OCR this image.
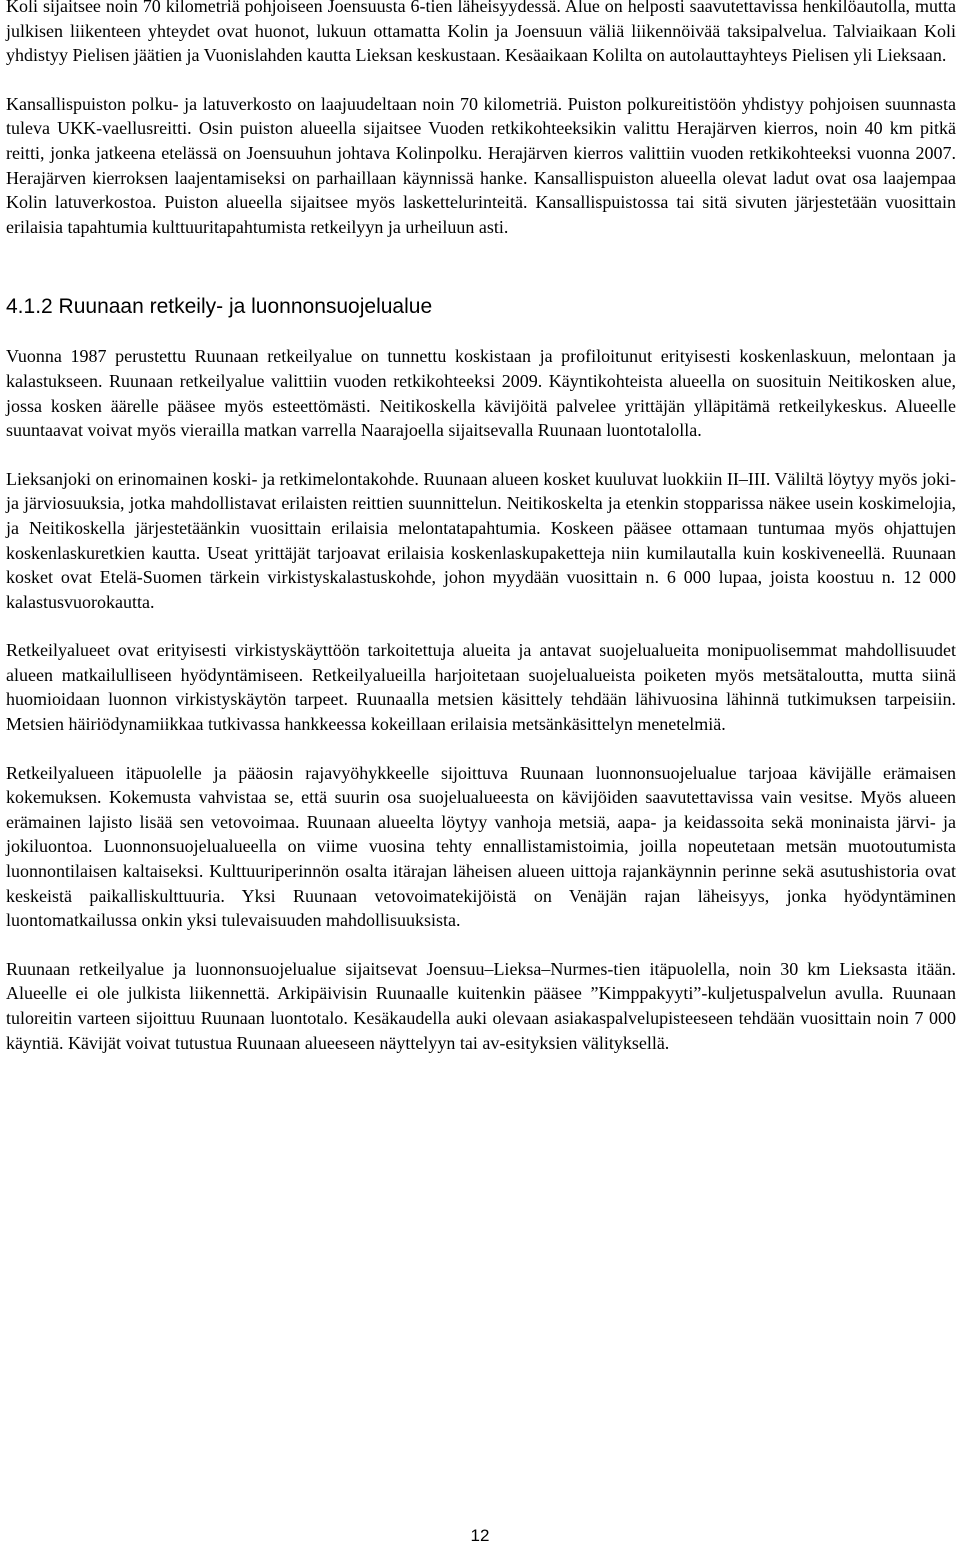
Koli sijaitsee noin 70 kilometriä pohjoiseen Joensuusta 6-tien läheisyydessä. Alue on helposti saavutettavissa henkilöautolla, mutta julkisen liikenteen yhteydet ovat huonot, lukuun ottamatta Kolin ja Joensuun väliä liikennöivää taksipalvelua. Talviaikaan Koli yhdistyy Pielisen jäätien ja Vuonislahden kautta Lieksan keskustaan. Kesäaikaan Kolilta on autolauttayhteys Pielisen yli Lieksaan.

Kansallispuiston polku- ja latuverkosto on laajuudeltaan noin 70 kilometriä. Puiston polkureitistöön yhdistyy pohjoisen suunnasta tuleva UKK-vaellusreitti. Osin puiston alueella sijaitsee Vuoden retkikohteeksikin valittu Herajärven kierros, noin 40 km pitkä reitti, jonka jatkeena etelässä on Joensuuhun johtava Kolinpolku. Herajärven kierros valittiin vuoden retkikohteeksi vuonna 2007. Herajärven kierroksen laajentamiseksi on parhaillaan käynnissä hanke. Kansallispuiston alueella olevat ladut ovat osa laajempaa Kolin latuverkostoa. Puiston alueella sijaitsee myös laskettelurinteitä. Kansallispuistossa tai sitä sivuten järjestetään vuosittain erilaisia tapahtumia kulttuuritapahtumista retkeilyyn ja urheiluun asti.

4.1.2 Ruunaan retkeily- ja luonnonsuojelualue

Vuonna 1987 perustettu Ruunaan retkeilyalue on tunnettu koskistaan ja profiloitunut erityisesti koskenlaskuun, melontaan ja kalastukseen. Ruunaan retkeilyalue valittiin vuoden retkikohteeksi 2009. Käyntikohteista alueella on suosituin Neitikosken alue, jossa kosken äärelle pääsee myös esteettömästi. Neitikoskella kävijöitä palvelee yrittäjän ylläpitämä retkeilykeskus. Alueelle suuntaavat voivat myös vierailla matkan varrella Naarajoella sijaitsevalla Ruunaan luontotalolla.

Lieksanjoki on erinomainen koski- ja retkimelontakohde. Ruunaan alueen kosket kuuluvat luokkiin II–III. Väliltä löytyy myös joki- ja järviosuuksia, jotka mahdollistavat erilaisten reittien suunnittelun. Neitikoskelta ja etenkin stopparissa näkee usein koskimelojia, ja Neitikoskella järjestetäänkin vuosittain erilaisia melontatapahtumia. Koskeen pääsee ottamaan tuntumaa myös ohjattujen koskenlaskuretkien kautta. Useat yrittäjät tarjoavat erilaisia koskenlaskupaketteja niin kumilautalla kuin koskiveneellä. Ruunaan kosket ovat Etelä-Suomen tärkein virkistyskalastuskohde, johon myydään vuosittain n. 6 000 lupaa, joista koostuu n. 12 000 kalastusvuorokautta.

Retkeilyalueet ovat erityisesti virkistyskäyttöön tarkoitettuja alueita ja antavat suojelualueita monipuolisemmat mahdollisuudet alueen matkailulliseen hyödyntämiseen. Retkeilyalueilla harjoitetaan suojelualueista poiketen myös metsätaloutta, mutta siinä huomioidaan luonnon virkistyskäytön tarpeet. Ruunaalla metsien käsittely tehdään lähivuosina lähinnä tutkimuksen tarpeisiin. Metsien häiriödynamiikkaa tutkivassa hankkeessa kokeillaan erilaisia metsänkäsittelyn menetelmiä.

Retkeilyalueen itäpuolelle ja pääosin rajavyöhykkeelle sijoittuva Ruunaan luonnonsuojelualue tarjoaa kävijälle erämaisen kokemuksen. Kokemusta vahvistaa se, että suurin osa suojelualueesta on kävijöiden saavutettavissa vain vesitse. Myös alueen erämainen lajisto lisää sen vetovoimaa. Ruunaan alueelta löytyy vanhoja metsiä, aapa- ja keidassoita sekä moninaista järvi- ja jokiluontoa. Luonnonsuojelualueella on viime vuosina tehty ennallistamistoimia, joilla nopeutetaan metsän muotoutumista luonnontilaisen kaltaiseksi. Kulttuuriperinnön osalta itärajan läheisen alueen uittoja rajankäynnin perinne sekä asutushistoria ovat keskeistä paikalliskulttuuria. Yksi Ruunaan vetovoimatekijöistä on Venäjän rajan läheisyys, jonka hyödyntäminen luontomatkailussa onkin yksi tulevaisuuden mahdollisuuksista.

Ruunaan retkeilyalue ja luonnonsuojelualue sijaitsevat Joensuu–Lieksa–Nurmes-tien itäpuolella, noin 30 km Lieksasta itään. Alueelle ei ole julkista liikennettä. Arkipäivisin Ruunaalle kuitenkin pääsee ”Kimppakyyti”-kuljetuspalvelun avulla. Ruunaan tuloreitin varteen sijoittuu Ruunaan luontotalo. Kesäkaudella auki olevaan asiakaspalvelupisteeseen tehdään vuosittain noin 7 000 käyntiä. Kävijät voivat tutustua Ruunaan alueeseen näyttelyyn tai av-esityksien välityksellä.

12
